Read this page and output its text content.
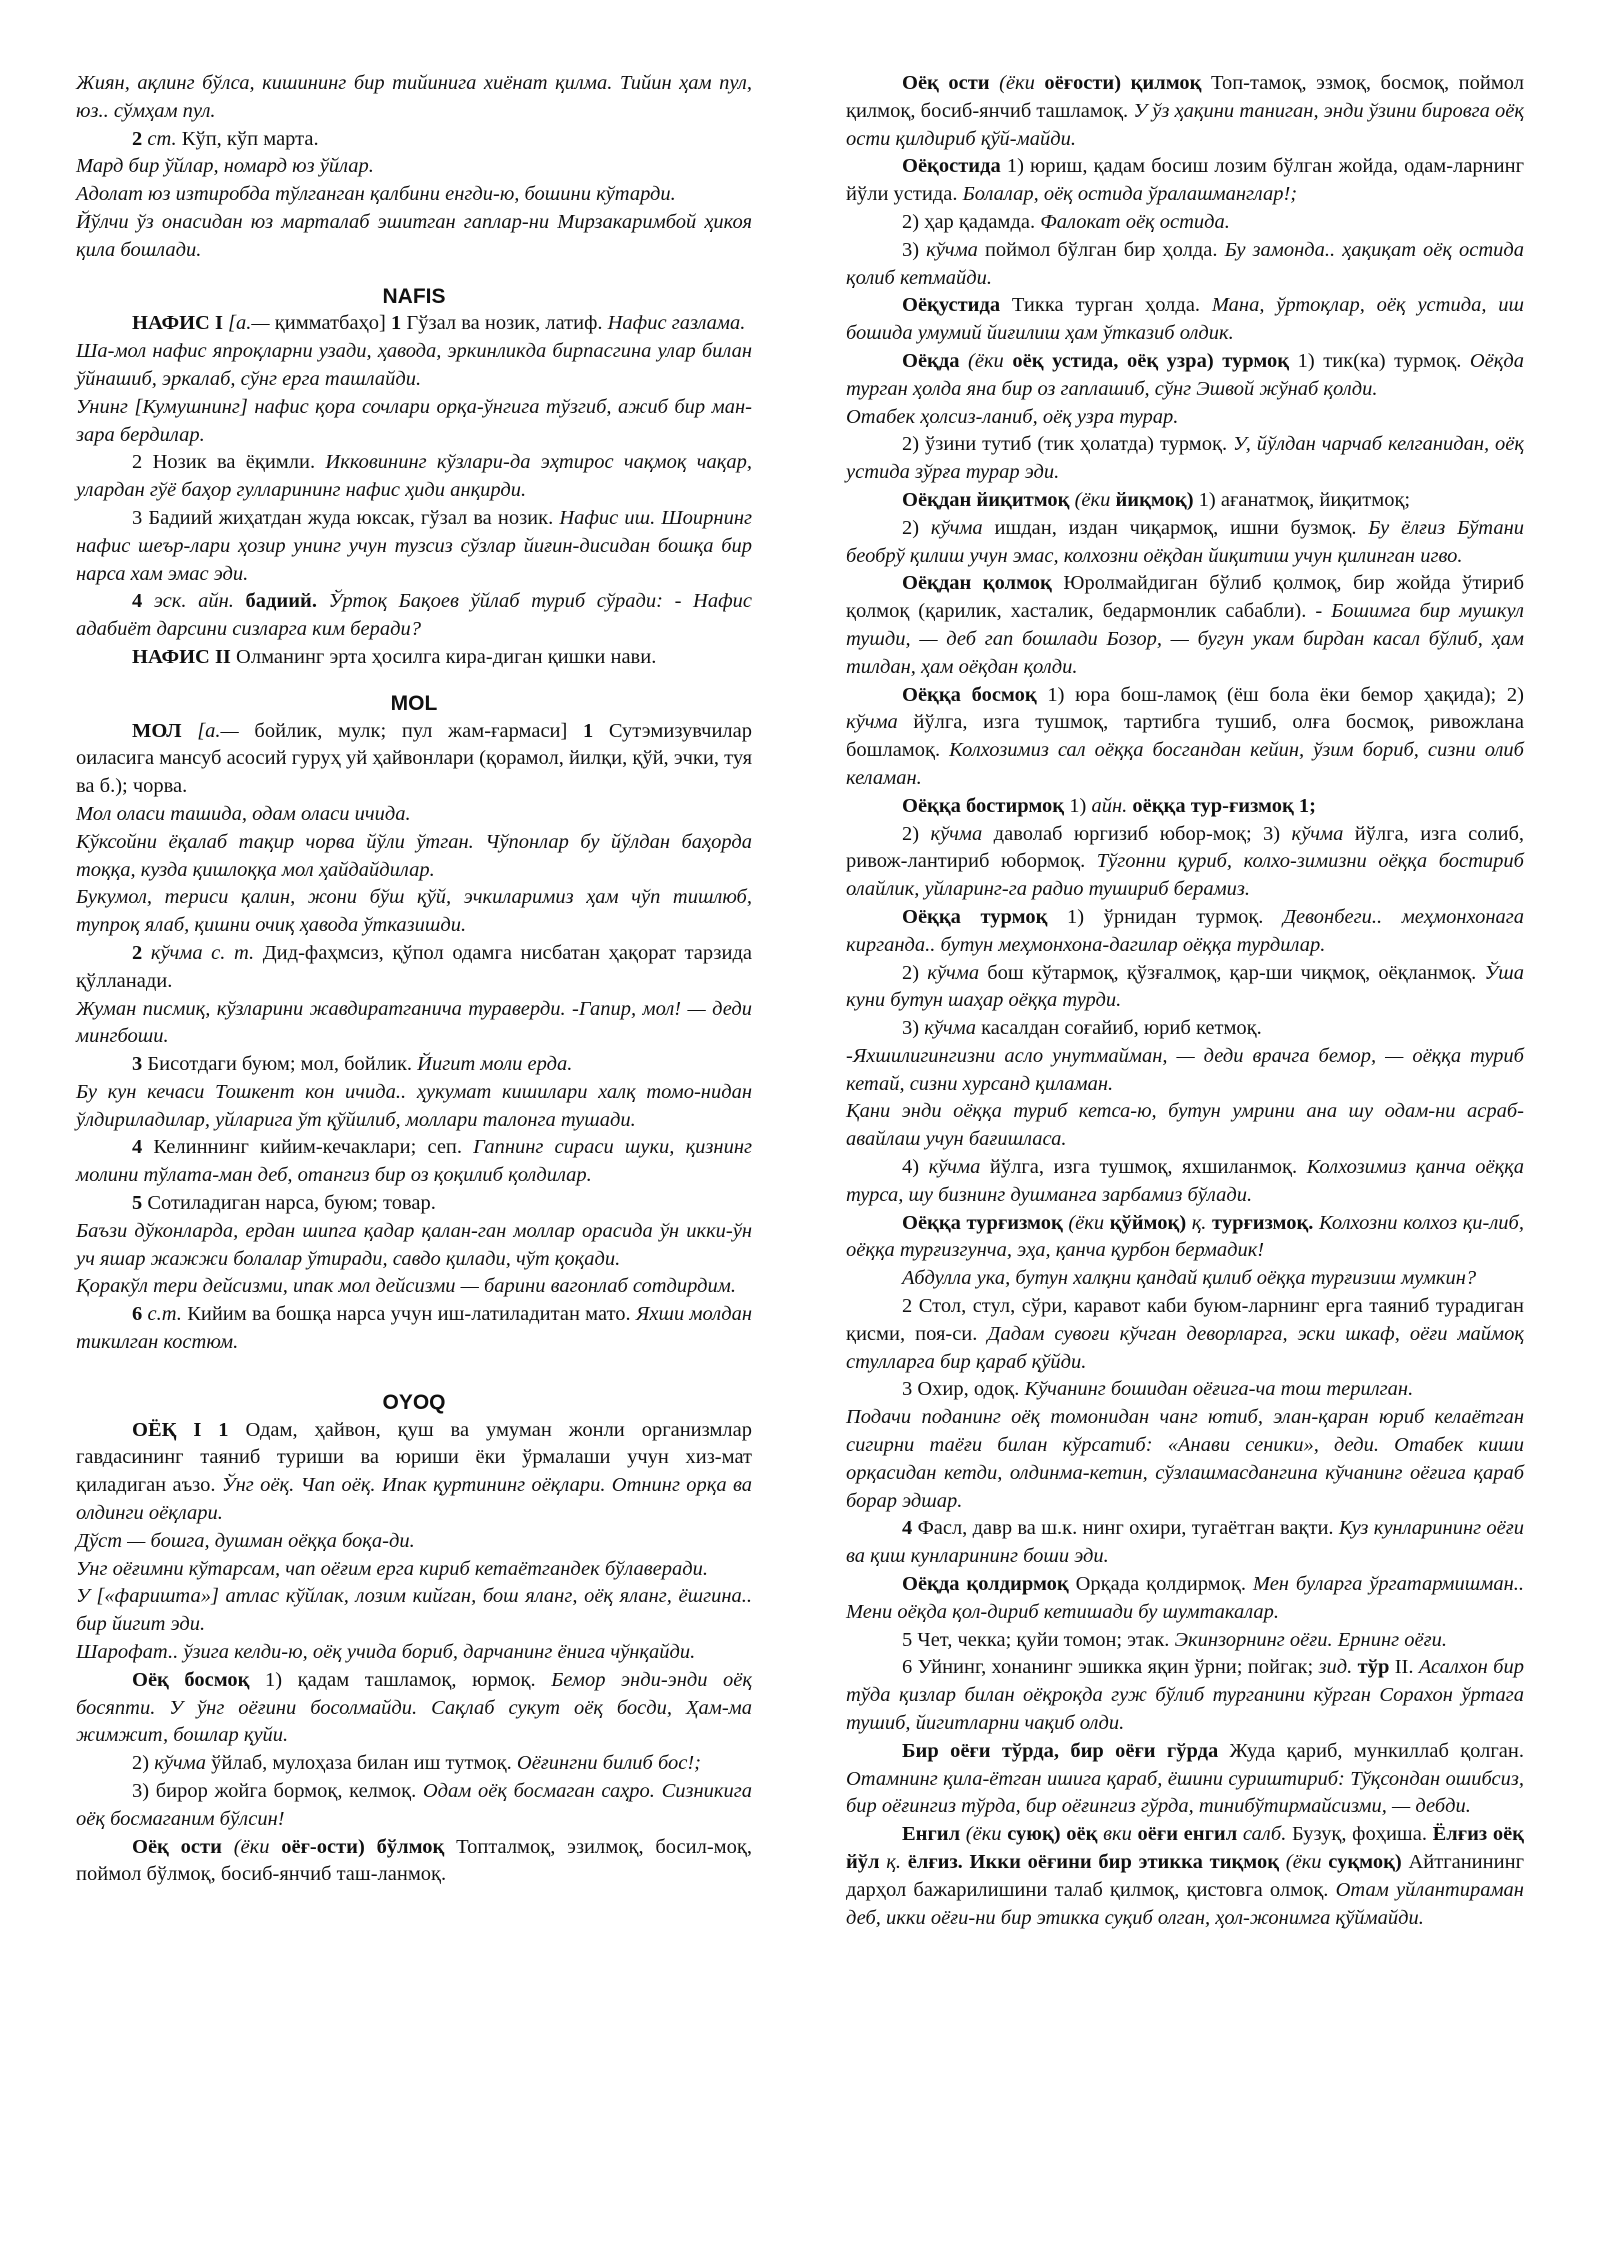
Жиян, ақлинг бўлса, кишининг бир тийинига хиёнат қилма. Тийин ҳам пул, юз.. сўмҳам пул.

2 ст. Кўп, кўп марта.

Мард бир ўйлар, номард юз ўйлар.

Адолат юз изтиробда тўлганган қалбини енгди-ю, бошини кўтарди.

Йўлчи ўз онасидан юз марталаб эшитган гаплар-ни Мирзакаримбой ҳикоя қила бошлади.

NAFIS

НАФИС I [а.— қимматбаҳо] 1 Гўзал ва нозик, латиф. Нафис газлама.

Ша-мол нафис япроқларни узади, ҳавода, эркинликда бирпасгина улар билан ўйнашиб, эркалаб, сўнг ерга ташлайди.

Унинг [Кумушнинг] нафис қора сочлари орқа-ўнгига тўзгиб, ажиб бир ман-зара бердилар.

2 Нозик ва ёқимли. Икковининг кўзлари-да эҳтирос чақмоқ чақар, улардан гўё баҳор гулларининг нафис ҳиди анқирди.

3 Бадиий жиҳатдан жуда юксак, гўзал ва нозик. Нафис иш. Шоирнинг нафис шеър-лари ҳозир унинг учун тузсиз сўзлар йиғин-дисидан бошқа бир нарса хам эмас эди.

4 эск. айн. бадиий. Ўртоқ Бақоев ўйлаб туриб сўради: - Нафис адабиёт дарсини сизларга ким беради?

НАФИС II Олманинг эрта ҳосилга кира-диган қишки нави.

MOL

МОЛ [а.— бойлик, мулк; пул жам-ғармаси] 1 Сутэмизувчилар оиласига мансуб асосий гуруҳ уй ҳайвонлари (қорамол, йилқи, қўй, эчки, туя ва б.); чорва.

Мол оласи ташида, одам оласи ичида.

Кўксойни ёқалаб тақир чорва йўли ўтган. Чўпонлар бу йўлдан баҳорда тоққа, кузда қишлоққа мол ҳайдайдилар.

Букумол, териси қалин, жони бўш қўй, эчкиларимиз ҳам чўп тишлюб, тупроқ ялаб, қишни очиқ ҳавода ўтказишди.

2 кўчма с. т. Дид-фаҳмсиз, қўпол одамга нисбатан ҳақорат тарзида қўлланади.

Жуман писмиқ, кўзларини жавдиратганича тураверди. -Гапир, мол! — деди мингбоши.

3 Бисотдаги буюм; мол, бойлик. Йигит моли ерда.

Бу кун кечаси Тошкент кон ичида.. ҳукумат кишилари халқ томо-нидан ўлдириладилар, уйларига ўт қўйилиб, моллари талонга тушади.

4 Келиннинг кийим-кечаклари; сеп. Гапнинг сираси шуки, қизнинг молини тўлата-ман деб, отангиз бир оз қоқилиб қолдилар.

5 Сотиладиган нарса, буюм; товар.

Баъзи дўконларда, ердан шипга қадар қалан-ган моллар орасида ўн икки-ўн уч яшар жажжи болалар ўтиради, савдо қилади, чўт қоқади.

Қоракўл тери дейсизми, ипак мол дейсизми — барини вагонлаб сотдирдим.

6 с.т. Кийим ва бошқа нарса учун иш-латиладитан мато. Яхши молдан тикилган костюм.

OYOQ

ОЁҚ I 1 Одам, ҳайвон, қуш ва умуман жонли организмлар гавдасининг таяниб туриши ва юриши ёки ўрмалаши учун хиз-мат қиладиган аъзо. Ўнг оёқ. Чап оёқ. Ипак қуртининг оёқлари. Отнинг орқа ва олдинги оёқлари.

Дўст — бошга, душман оёққа боқа-ди.

Унг оёғимни кўтарсам, чап оёғим ерга кириб кетаётгандек бўлаверади.

У [«фаришта»] атлас кўйлак, лозим кийган, бош яланг, оёқ яланг, ёшгина.. бир йигит эди.

Шарофат.. ўзига келди-ю, оёқ учида бориб, дарчанинг ёнига чўнқайди.

Оёқ босмоқ 1) қадам ташламоқ, юрмоқ. Бемор энди-энди оёқ босяпти. У ўнг оёғини босолмайди. Сақлаб сукут оёқ босди, Ҳам-ма жимжит, бошлар қуйи.

2) кўчма ўйлаб, мулоҳаза билан иш тутмоқ. Оёғингни билиб бос!;

3) бирор жойга бормоқ, келмоқ. Одам оёқ босмаган саҳро. Сизникига оёқ босмаганим бўлсин!

Оёқ ости (ёки оёғ-ости) бўлмоқ Топталмоқ, эзилмоқ, босил-моқ, поймол бўлмоқ, босиб-янчиб таш-ланмоқ.

Оёқ ости (ёки оёғости) қилмоқ Топ-тамоқ, эзмоқ, босмоқ, поймол қилмоқ, босиб-янчиб ташламоқ. У ўз ҳақини таниган, энди ўзини бировга оёқ ости қилдириб қўй-майди.

Оёқостида 1) юриш, қадам босиш лозим бўлган жойда, одам-ларнинг йўли устида. Болалар, оёқ остида ўралашманглар!;

2) ҳар қадамда. Фалокат оёқ остида.

3) кўчма поймол бўлган бир ҳолда. Бу замонда.. ҳақиқат оёқ остида қолиб кетмайди.

Оёқустида Тикка турган ҳолда. Мана, ўртоқлар, оёқ устида, иш бошида умумий йиғилиш ҳам ўтказиб олдик.

Оёқда (ёки оёқ устида, оёқ узра) турмоқ 1) тик(ка) турмоқ. Оёқда турган ҳолда яна бир оз гаплашиб, сўнг Эшвой жўнаб қолди.

Отабек ҳолсиз-ланиб, оёқ узра турар.

2) ўзини тутиб (тик ҳолатда) турмоқ. У, йўлдан чарчаб келганидан, оёқ устида зўрға турар эди.

Оёқдан йиқитмоқ (ёки йиқмоқ) 1) ағанатмоқ, йиқитмоқ;

2) кўчма ишдан, издан чиқармоқ, ишни бузмоқ. Бу ёлғиз Бўтани беобрў қилиш учун эмас, колхозни оёқдан йиқитиш учун қилинган игво.

Оёқдан қолмоқ Юролмайдиган бўлиб қолмоқ, бир жойда ўтириб қолмоқ (қарилик, хасталик, бедармонлик сабабли). - Бошимга бир мушкул тушди, — деб гап бошлади Бозор, — бугун укам бирдан касал бўлиб, ҳам тилдан, ҳам оёқдан қолди.

Оёққа босмоқ 1) юра бош-ламоқ (ёш бола ёки бемор ҳақида); 2) кўчма йўлга, изга тушмоқ, тартибга тушиб, олға босмоқ, ривожлана бошламоқ. Колхозимиз сал оёққа босгандан кейин, ўзим бориб, сизни олиб келаман.

Оёққа бостирмоқ 1) айн. оёққа тур-ғизмоқ 1;

2) кўчма даволаб юргизиб юбор-моқ; 3) кўчма йўлга, изга солиб, ривож-лантириб юбормоқ. Тўгонни қуриб, колхо-зимизни оёққа бостириб олайлик, уйларинг-га радио тушириб берамиз.

Оёққа турмоқ 1) ўрнидан турмоқ. Девонбеги.. меҳмонхонага кирганда.. бутун меҳмонхона-дагилар оёққа турдилар.

2) кўчма бош кўтармоқ, қўзғалмоқ, қар-ши чиқмоқ, оёқланмоқ. Ўша куни бутун шаҳар оёққа турди.

3) кўчма касалдан соғайиб, юриб кетмоқ.

-Яхшилигингизни асло унутмайман, — деди врачга бемор, — оёққа туриб кетай, сизни хурсанд қиламан.

Қани энди оёққа туриб кетса-ю, бутун умрини ана шу одам-ни асраб-авайлаш учун бағишласа.

4) кўчма йўлга, изга тушмоқ, яхшиланмоқ. Колхозимиз қанча оёққа турса, шу бизнинг душманга зарбамиз бўлади.

Оёққа турғизмоқ (ёки қўймоқ) қ. турғизмоқ. Колхозни колхоз қи-либ, оёққа турғизгунча, эҳа, қанча қурбон бермадик!

Абдулла ука, бутун халқни қандай қилиб оёққа турғизиш мумкин?

2 Стол, стул, сўри, каравот каби буюм-ларнинг ерга таяниб турадиган қисми, поя-си. Дадам сувоғи кўчган деворларга, эски шкаф, оёғи маймоқ стулларга бир қараб қўйди.

3 Охир, одоқ. Кўчанинг бошидан оёғига-ча тош терилган.

Подачи поданинг оёқ томонидан чанг ютиб, элан-қаран юриб келаётган сигирни таёғи билан кўрсатиб: «Анави сеники», деди. Отабек киши орқасидан кетди, олдинма-кетин, сўзлашмасдангина кўчанинг оёғига қараб борар эдшар.

4 Фасл, давр ва ш.к. нинг охири, тугаётган вақти. Куз кунларининг оёғи ва қиш кунларининг боши эди.

Оёқда қолдирмоқ Орқада қолдирмоқ. Мен буларга ўргатармишман.. Мени оёқда қол-дириб кетишади бу шумтакалар.

5 Чет, чекка; қуйи томон; этак. Экинзорнинг оёғи. Ернинг оёғи.

6 Уйнинг, хонанинг эшикка яқин ўрни; пойгак; зид. тўр II. Асалхон бир тўда қизлар билан оёқроқда гуж бўлиб турганини кўрган Сорахон ўртага тушиб, йигитларни чақиб олди.

Бир оёғи тўрда, бир оёғи гўрда Жуда қариб, мункиллаб қолган. Отамнинг қила-ётган ишига қараб, ёшини суриштириб: Тўқсондан ошибсиз, бир оёғингиз тўрда, бир оёғингиз гўрда, тинибўтирмайсизми, — дебди.

Енгил (ёки суюқ) оёқ вки оёғи енгил салб. Бузуқ, фоҳиша. Ёлғиз оёқ йўл қ. ёлғиз. Икки оёғини бир этикка тиқмоқ (ёки суқмоқ) Айтганининг дарҳол бажарилишини талаб қилмоқ, қистовга олмоқ. Отам уйлантираман деб, икки оёғи-ни бир этикка суқиб олган, ҳол-жонимга қўймайди.
